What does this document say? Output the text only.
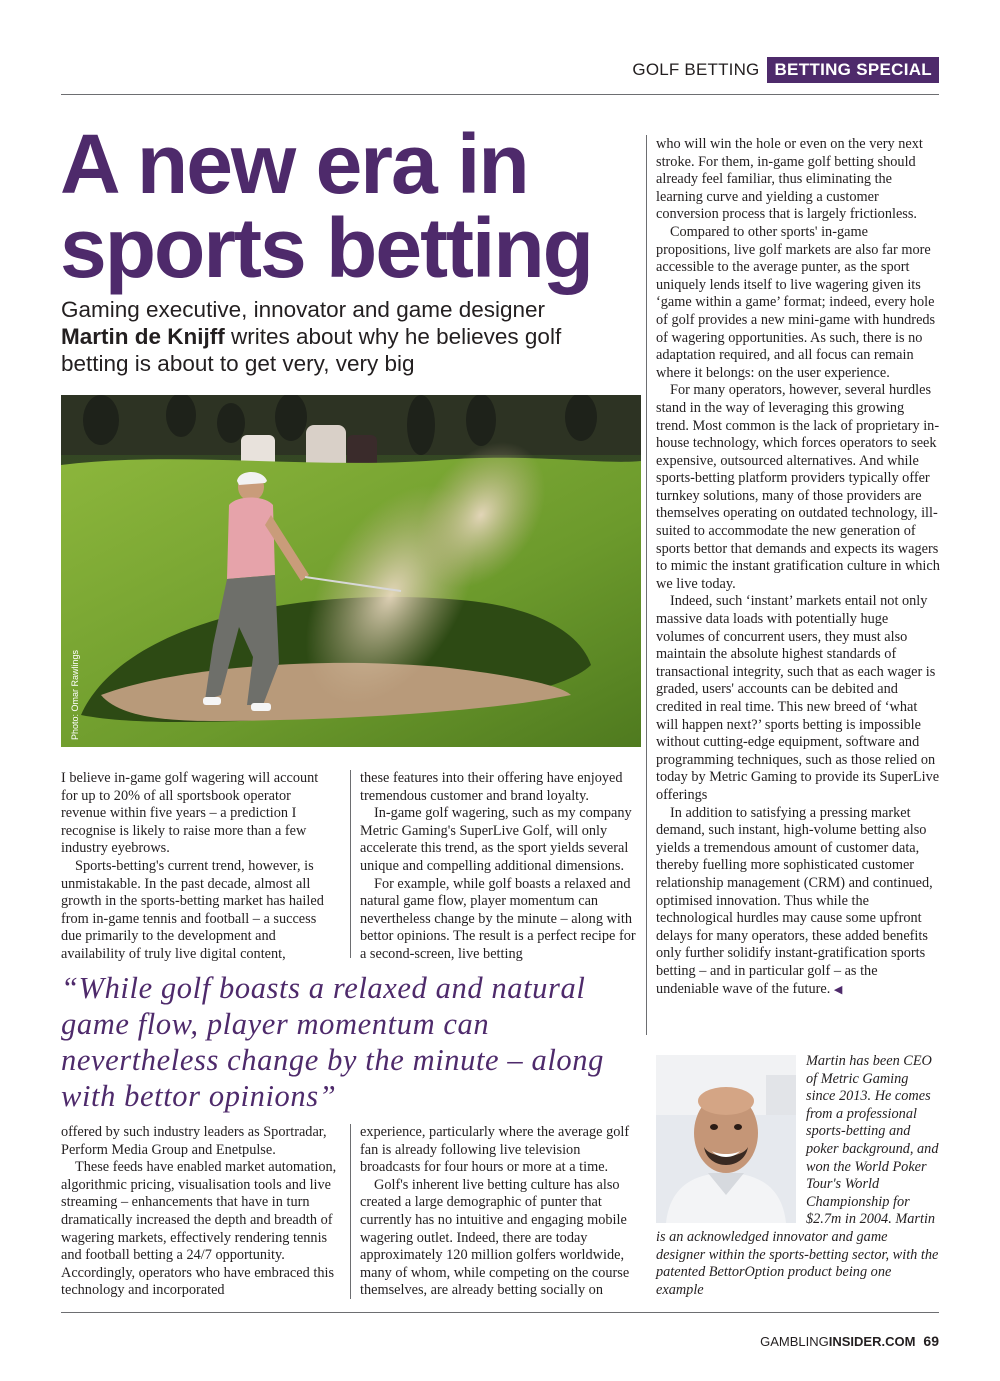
GOLF BETTING BETTING SPECIAL
A new era in
sports betting

Gaming executive, innovator and game designer
Martin de Knijff writes about why he believes golf betting is about to get very, very big

Photo: Omar Rawlings

I believe in-game golf wagering will account for up to 20% of all sportsbook operator revenue within five years – a prediction I recognise is likely to raise more than a few industry eyebrows.

Sports-betting's current trend, however, is unmistakable. In the past decade, almost all growth in the sports-betting market has hailed from in-game tennis and football – a success due primarily to the development and availability of truly live digital content,

these features into their offering have enjoyed tremendous customer and brand loyalty.

In-game golf wagering, such as my company Metric Gaming's SuperLive Golf, will only accelerate this trend, as the sport yields several unique and compelling additional dimensions.

For example, while golf boasts a relaxed and natural game flow, player momentum can nevertheless change by the minute – along with bettor opinions. The result is a perfect recipe for a second-screen, live betting

“While golf boasts a relaxed and natural game flow, player momentum can nevertheless change by the minute – along with bettor opinions”

offered by such industry leaders as Sportradar, Perform Media Group and Enetpulse.

These feeds have enabled market automation, algorithmic pricing, visualisation tools and live streaming – enhancements that have in turn dramatically increased the depth and breadth of wagering markets, effectively rendering tennis and football betting a 24/7 opportunity. Accordingly, operators who have embraced this technology and incorporated

experience, particularly where the average golf fan is already following live television broadcasts for four hours or more at a time.

Golf's inherent live betting culture has also created a large demographic of punter that currently has no intuitive and engaging mobile wagering outlet. Indeed, there are today approximately 120 million golfers worldwide, many of whom, while competing on the course themselves, are already betting socially on

who will win the hole or even on the very next stroke. For them, in-game golf betting should already feel familiar, thus eliminating the learning curve and yielding a customer conversion process that is largely frictionless.

Compared to other sports' in-game propositions, live golf markets are also far more accessible to the average punter, as the sport uniquely lends itself to live wagering given its ‘game within a game’ format; indeed, every hole of golf provides a new mini-game with hundreds of wagering opportunities. As such, there is no adaptation required, and all focus can remain where it belongs: on the user experience.

For many operators, however, several hurdles stand in the way of leveraging this growing trend. Most common is the lack of proprietary in-house technology, which forces operators to seek expensive, outsourced alternatives. And while sports-betting platform providers typically offer turnkey solutions, many of those providers are themselves operating on outdated technology, ill-suited to accommodate the new generation of sports bettor that demands and expects its wagers to mimic the instant gratification culture in which we live today.

Indeed, such ‘instant’ markets entail not only massive data loads with potentially huge volumes of concurrent users, they must also maintain the absolute highest standards of transactional integrity, such that as each wager is graded, users' accounts can be debited and credited in real time. This new breed of ‘what will happen next?’ sports betting is impossible without cutting-edge equipment, software and programming techniques, such as those relied on today by Metric Gaming to provide its SuperLive offerings

In addition to satisfying a pressing market demand, such instant, high-volume betting also yields a tremendous amount of customer data, thereby fuelling more sophisticated customer relationship management (CRM) and continued, optimised innovation. Thus while the technological hurdles may cause some upfront delays for many operators, these added benefits only further solidify instant-gratification sports betting – and in particular golf – as the undeniable wave of the future. ◀

Martin has been CEO of Metric Gaming since 2013. He comes from a professional sports-betting and poker background, and won the World Poker Tour's World Championship for $2.7m in 2004. Martin is an acknowledged innovator and game designer within the sports-betting sector, with the patented BettorOption product being one example
GAMBLING INSIDER.COM 69
